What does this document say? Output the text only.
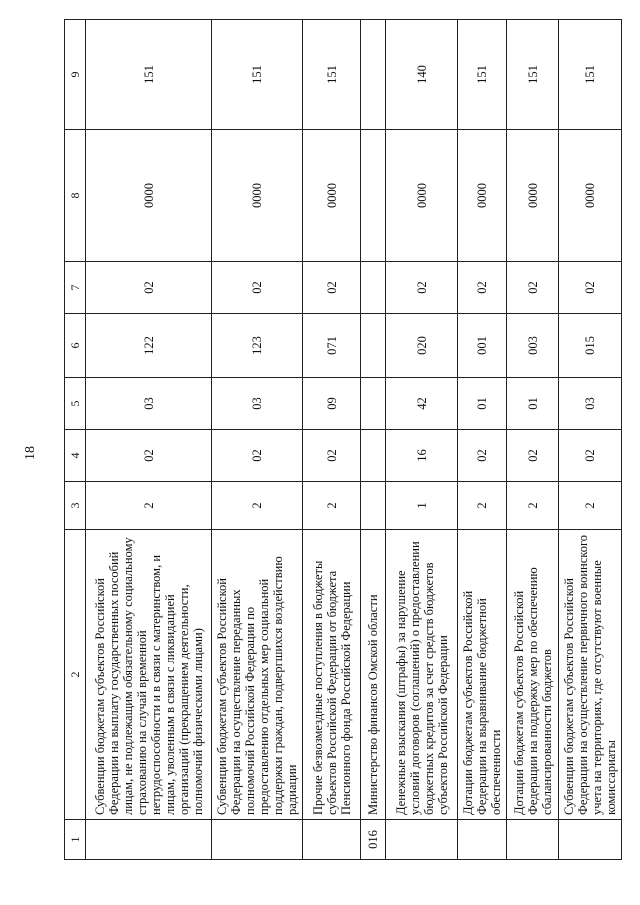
18
1	2	3	4	5	6	7	8	9
	Субвенции бюджетам субъектов Российской Федерации на выплату государственных пособий лицам, не подлежащим обязательному социальному страхованию на случай временной нетрудоспособности и в связи с материнством, и лицам, уволенным в связи с ликвидацией организаций (прекращением деятельности, полномочий физическими лицами)	2	02	03	122	02	0000	151
	Субвенции бюджетам субъектов Российской Федерации на осуществление переданных полномочий Российской Федерации по предоставлению отдельных мер социальной поддержки граждан, подвергшихся воздействию радиации	2	02	03	123	02	0000	151
	Прочие безвозмездные поступления в бюджеты субъектов Российской Федерации от бюджета Пенсионного фонда Российской Федерации	2	02	09	071	02	0000	151
016	Министерство финансов Омской области							
	Денежные взыскания (штрафы) за нарушение условий договоров (соглашений) о предоставлении бюджетных кредитов за счет средств бюджетов субъектов Российской Федерации	1	16	42	020	02	0000	140
	Дотации бюджетам субъектов Российской Федерации на выравнивание бюджетной обеспеченности	2	02	01	001	02	0000	151
	Дотации бюджетам субъектов Российской Федерации на поддержку мер по обеспечению сбалансированности бюджетов	2	02	01	003	02	0000	151
	Субвенции бюджетам субъектов Российской Федерации на осуществление первичного воинского учета на территориях, где отсутствуют военные комиссариаты	2	02	03	015	02	0000	151
